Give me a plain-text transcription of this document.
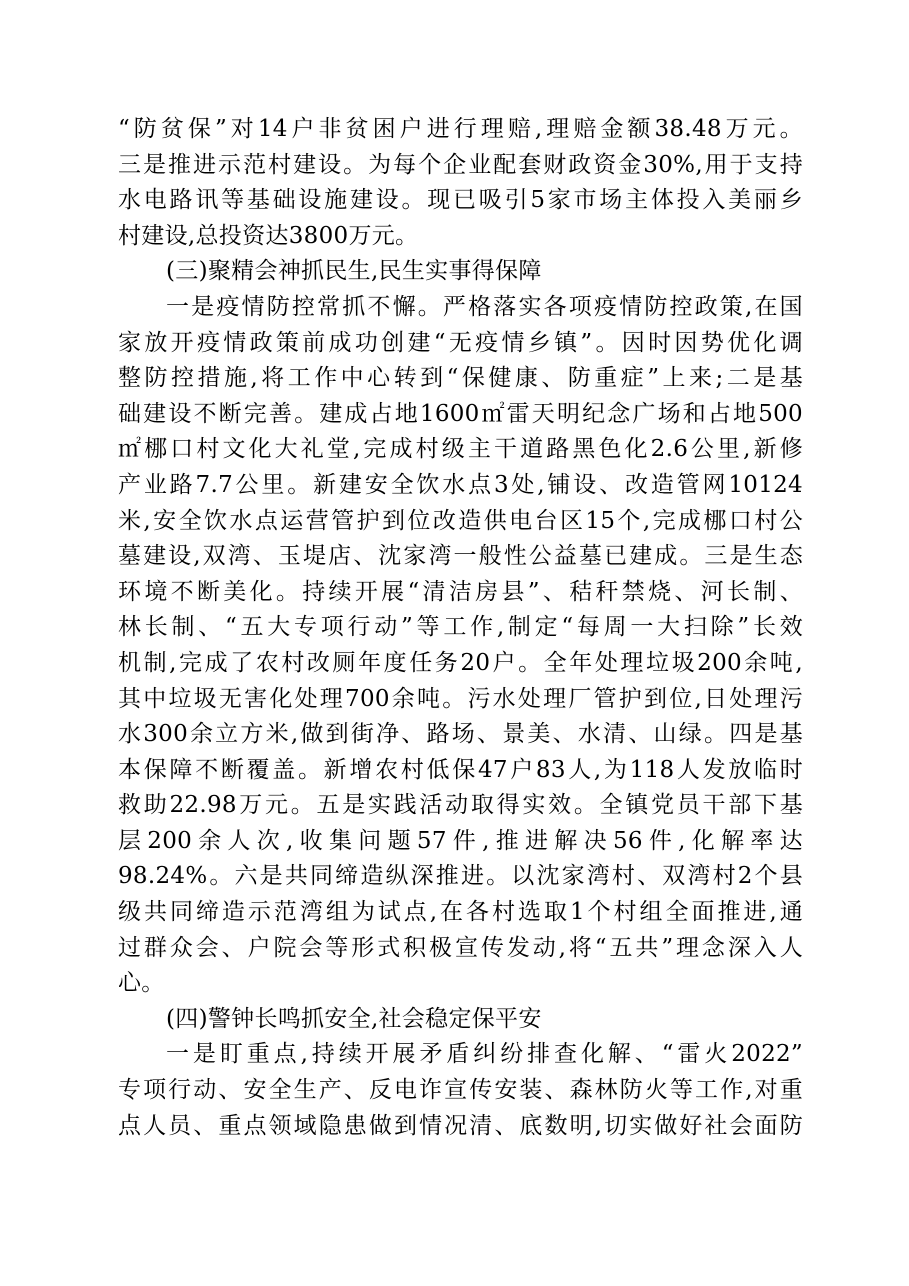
“防贫保”对14户非贫困户进行理赔,理赔金额38.48万元。
三是推进示范村建设。为每个企业配套财政资金30%,用于支持
水电路讯等基础设施建设。现已吸引5家市场主体投入美丽乡
村建设,总投资达3800万元。
(三)聚精会神抓民生,民生实事得保障
一是疫情防控常抓不懈。严格落实各项疫情防控政策,在国
家放开疫情政策前成功创建“无疫情乡镇”。因时因势优化调
整防控措施,将工作中心转到“保健康、防重症”上来;二是基
础建设不断完善。建成占地1600㎡雷天明纪念广场和占地500
㎡梛口村文化大礼堂,完成村级主干道路黑色化2.6公里,新修
产业路7.7公里。新建安全饮水点3处,铺设、改造管网10124
米,安全饮水点运营管护到位改造供电台区15个,完成梛口村公
墓建设,双湾、玉堤店、沈家湾一般性公益墓已建成。三是生态
环境不断美化。持续开展“清洁房县”、秸秆禁烧、河长制、
林长制、“五大专项行动”等工作,制定“每周一大扫除”长效
机制,完成了农村改厕年度任务20户。全年处理垃圾200余吨,
其中垃圾无害化处理700余吨。污水处理厂管护到位,日处理污
水300余立方米,做到街净、路场、景美、水清、山绿。四是基
本保障不断覆盖。新增农村低保47户83人,为118人发放临时
救助22.98万元。五是实践活动取得实效。全镇党员干部下基
层200余人次,收集问题57件,推进解决56件,化解率达
98.24%。六是共同缔造纵深推进。以沈家湾村、双湾村2个县
级共同缔造示范湾组为试点,在各村选取1个村组全面推进,通
过群众会、户院会等形式积极宣传发动,将“五共”理念深入人
心。
(四)警钟长鸣抓安全,社会稳定保平安
一是盯重点,持续开展矛盾纠纷排查化解、“雷火2022”
专项行动、安全生产、反电诈宣传安装、森林防火等工作,对重
点人员、重点领域隐患做到情况清、底数明,切实做好社会面防
